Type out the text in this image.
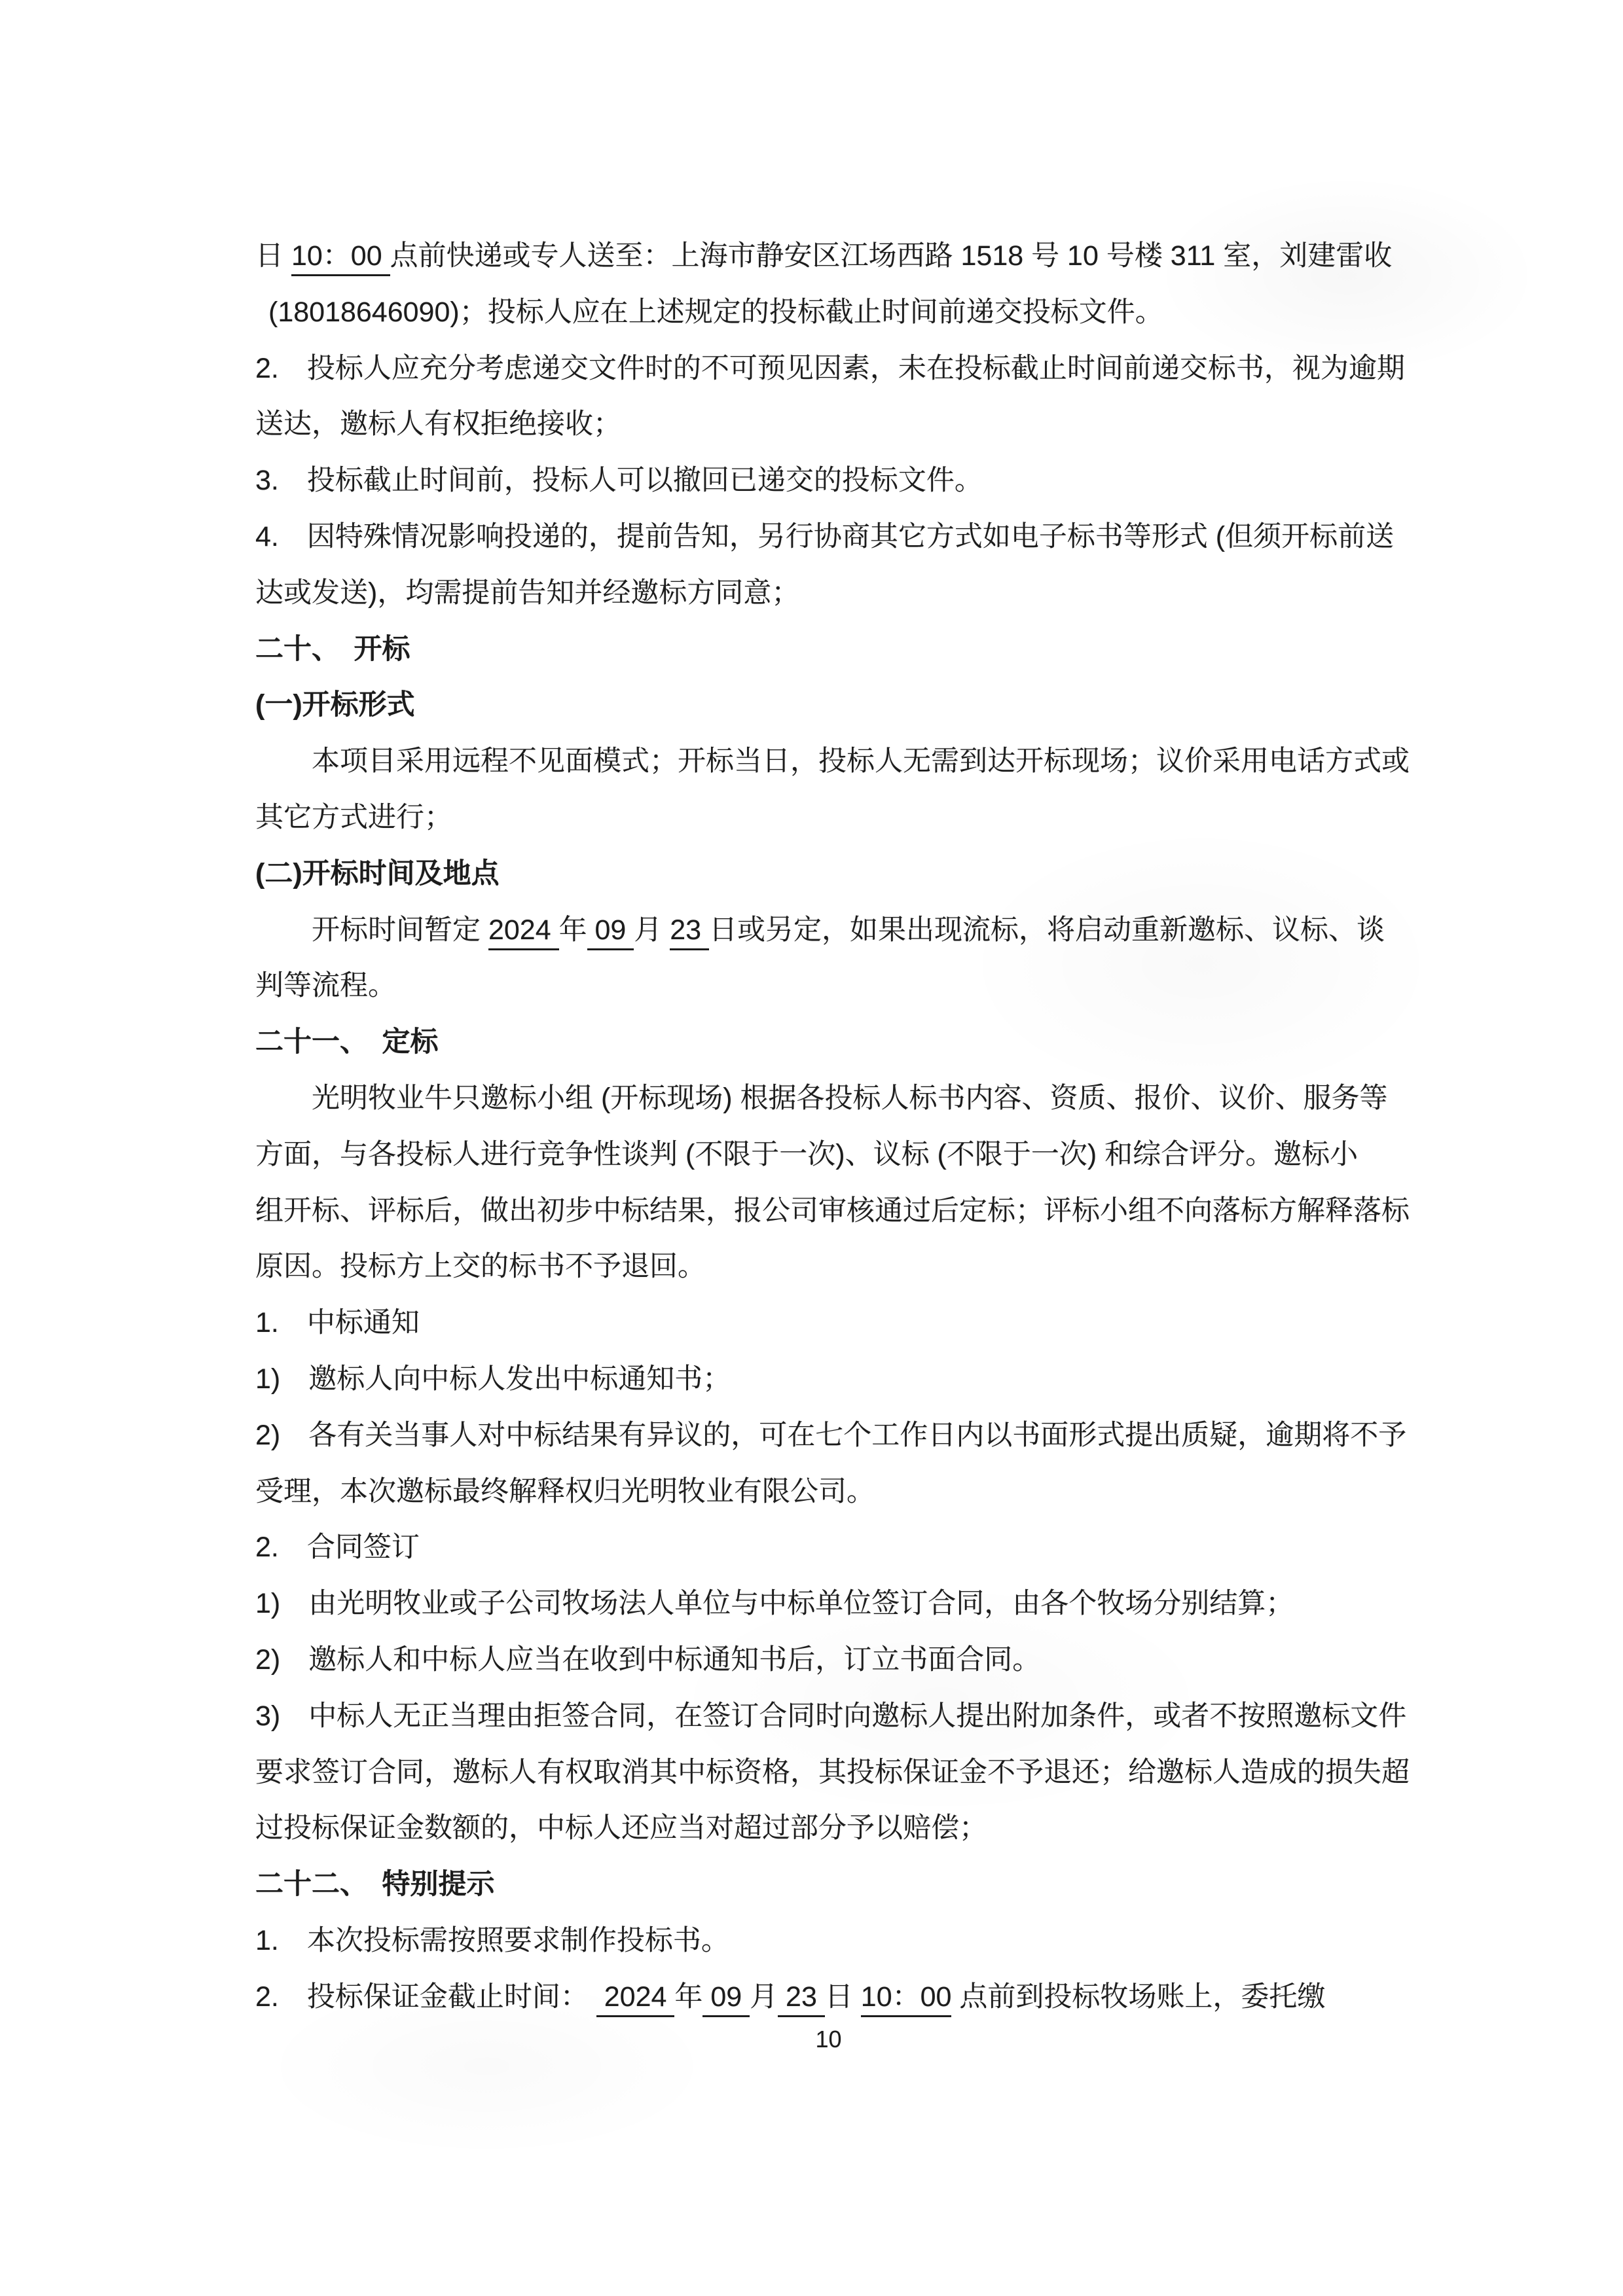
日 10：00 点前快递或专人送至：上海市静安区江场西路 1518 号 10 号楼 311 室，刘建雷收
(18018646090)；投标人应在上述规定的投标截止时间前递交投标文件。
2.　投标人应充分考虑递交文件时的不可预见因素，未在投标截止时间前递交标书，视为逾期
送达，邀标人有权拒绝接收；
3.　投标截止时间前，投标人可以撤回已递交的投标文件。
4.　因特殊情况影响投递的，提前告知，另行协商其它方式如电子标书等形式 (但须开标前送
达或发送)，均需提前告知并经邀标方同意；
二十、　开标
(一)开标形式
本项目采用远程不见面模式；开标当日，投标人无需到达开标现场；议价采用电话方式或
其它方式进行；
(二)开标时间及地点
开标时间暂定 2024 年 09 月 23 日或另定，如果出现流标，将启动重新邀标、议标、谈
判等流程。
二十一、　定标
光明牧业牛只邀标小组 (开标现场) 根据各投标人标书内容、资质、报价、议价、服务等
方面，与各投标人进行竞争性谈判 (不限于一次)、议标 (不限于一次) 和综合评分。邀标小
组开标、评标后，做出初步中标结果，报公司审核通过后定标；评标小组不向落标方解释落标
原因。投标方上交的标书不予退回。
1.　中标通知
1)　邀标人向中标人发出中标通知书；
2)　各有关当事人对中标结果有异议的，可在七个工作日内以书面形式提出质疑，逾期将不予
受理，本次邀标最终解释权归光明牧业有限公司。
2.　合同签订
1)　由光明牧业或子公司牧场法人单位与中标单位签订合同，由各个牧场分别结算；
2)　邀标人和中标人应当在收到中标通知书后，订立书面合同。
3)　中标人无正当理由拒签合同，在签订合同时向邀标人提出附加条件，或者不按照邀标文件
要求签订合同，邀标人有权取消其中标资格，其投标保证金不予退还；给邀标人造成的损失超
过投标保证金数额的，中标人还应当对超过部分予以赔偿；
二十二、　特别提示
1.　本次投标需按照要求制作投标书。
2.　投标保证金截止时间：  2024 年 09 月 23 日 10：00 点前到投标牧场账上，委托缴
10
